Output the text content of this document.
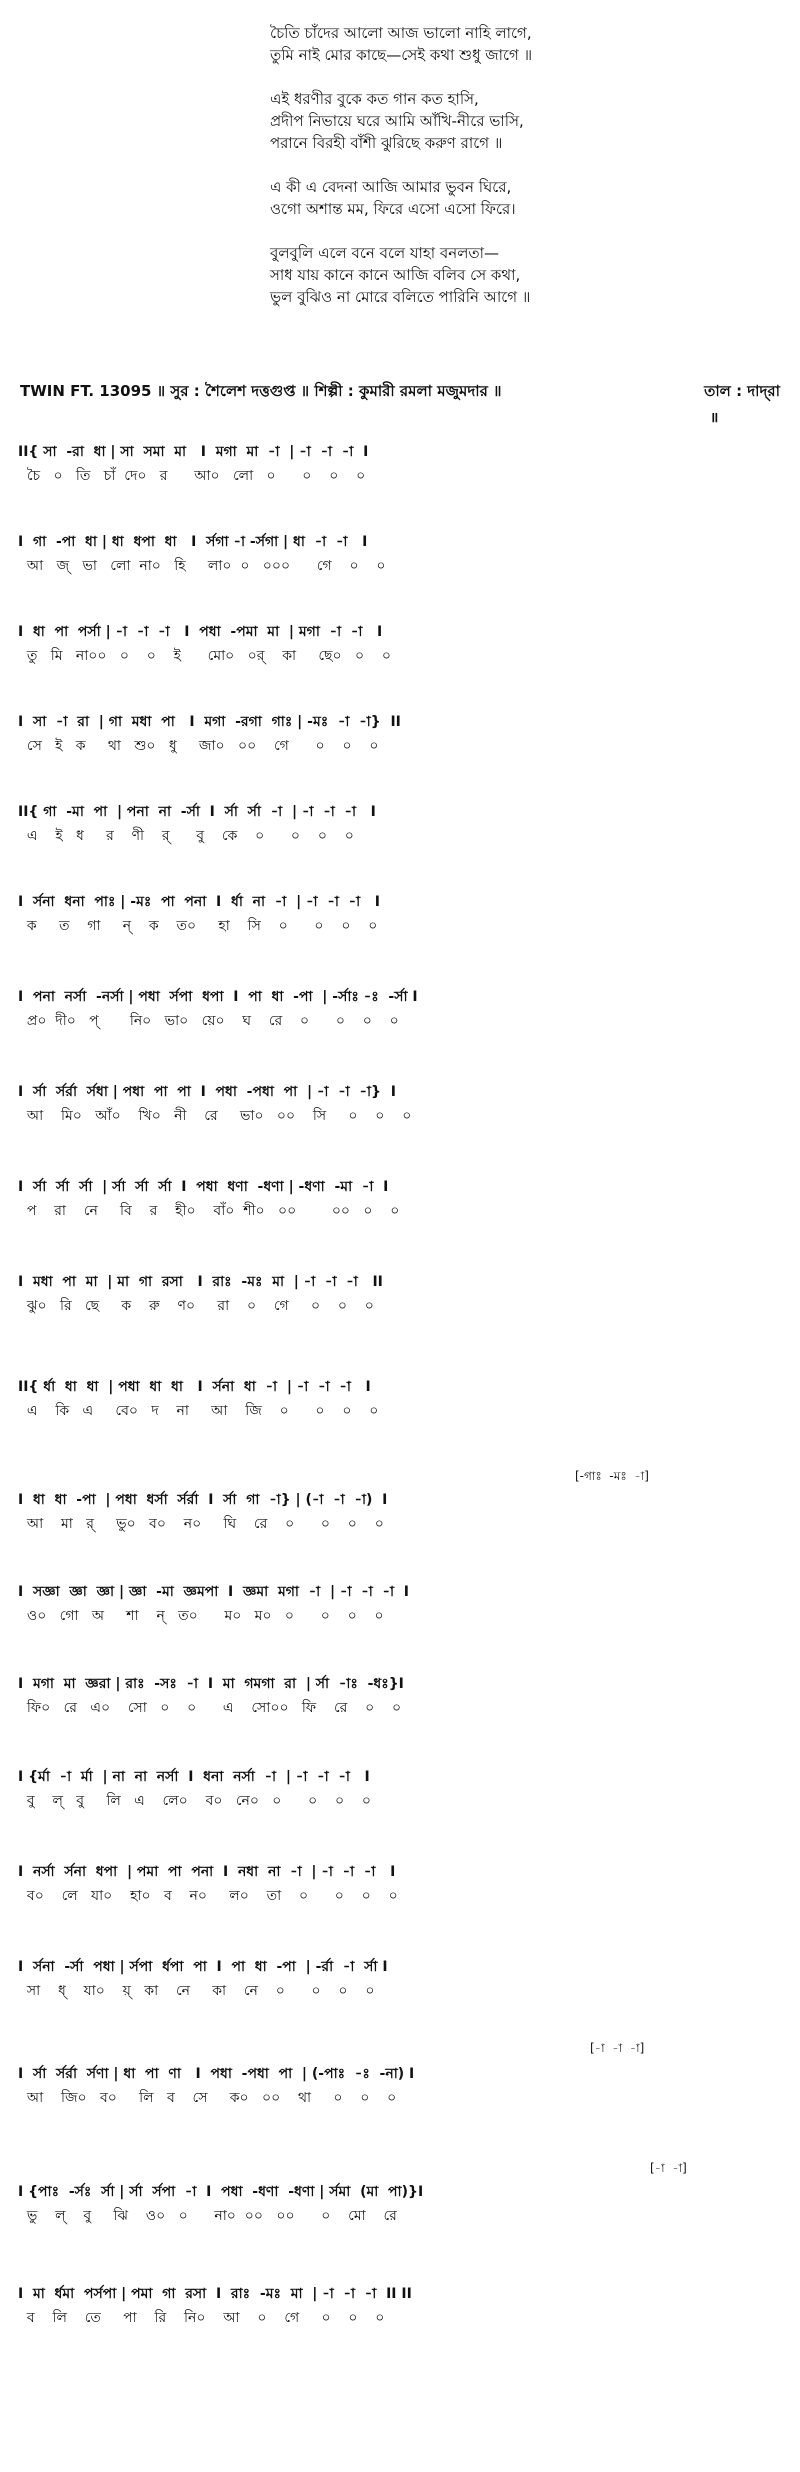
চৈতি চাঁদের আলো আজ ভালো নাহি লাগে,
তুমি নাই মোর কাছে—সেই কথা শুধু জাগে ॥
এই ধরণীর বুকে কত গান কত হাসি,
প্রদীপ নিভায়ে ঘরে আমি আঁখি-নীরে ভাসি,
পরানে বিরহী বাঁশী ঝুরিছে করুণ রাগে ॥
এ কী এ বেদনা আজি আমার ভুবন ঘিরে,
ওগো অশান্ত মম, ফিরে এসো এসো ফিরে।
বুলবুলি এলে বনে বলে যাহা বনলতা—
সাধ যায় কানে কানে আজি বলিব সে কথা,
ভুল বুঝিও না মোরে বলিতে পারিনি আগে ॥
TWIN FT. 13095 ॥ সুর : শৈলেশ দত্তগুপ্ত ॥ শিল্পী : কুমারী রমলা মজুমদার ॥	তাল : দাদ্‌রা
॥
II{ সা  -রা  ধা | সা  সমা  মা   I  মগা  মা  -া  | -া  -া  -া  I
চৈ   ০   তি   চাঁ  দে০   র      আ০   লো   ০      ০    ০    ০
I  গা  -পা  ধা | ধা  ধপা  ধা   I  র্সগা -া -র্সগা | ধা  -া  -া   I
আ   জ্   ভা   লো  না০   হি     লা০  ০   ০০০      গে    ০    ০
I  ধা  পা  পর্সা | -া  -া  -া   I  পধা  -পমা  মা  | মগা  -া  -া   I
তু   মি   না০০   ০    ০    ই      মো০   ০র্    কা     ছে০   ০    ০
I  সা  -া  রা  | গা  মধা  পা   I  মগা  -রগা  গাঃ | -মঃ  -া  -া}  II
সে   ই   ক     থা   শু০   ধু     জা০   ০০    গে      ০    ০    ০
II{ গা  -মা  পা  | পনা  না  -র্সা  I  র্সা  র্সা  -া  | -া  -া  -া   I
এ    ই   ধ     র    ণী    র্      বু    কে    ০      ০    ০    ০
I  র্সনা  ধনা  পাঃ | -মঃ  পা  পনা  I  র্ধা  না  -া  | -া  -া  -া   I
ক     ত    গা     ন্    ক    ত০     হা    সি    ০      ০    ০    ০
I  পনা  নর্সা  -নর্সা | পধা  র্সপা  ধপা  I  পা  ধা  -পা  | -র্সাঃ -ঃ  -র্সা I
প্র০  দী০   প্       নি০   ভা০   য়ে০    ঘ    রে    ০      ০    ০    ০
I  র্সা  র্সর্রা  র্সধা | পধা  পা  পা  I  পধা  -পধা  পা  | -া  -া  -া}  I
আ    মি০   আঁ০    খি০   নী    রে     ভা০   ০০    সি     ০    ০    ০
I  র্সা  র্সা  র্সা  | র্সা  র্সা  র্সা  I  পধা  ধণা  -ধণা | -ধণা  -মা  -া  I
প    রা    নে     বি    র    হী০    বাঁ০  শী০   ০০        ০০   ০    ০
I  মধা  পা  মা  | মা  গা  রসা   I  রাঃ  -মঃ  মা  | -া  -া  -া   II
ঝু০   রি   ছে     ক    রু    ণ০     রা    ০    গে     ০    ০    ০
II{ র্ধা  ধা  ধা  | পধা  ধা  ধা   I  র্সনা  ধা  -া  | -া  -া  -া   I
এ    কি   এ     বে০   দ    না     আ    জি    ০      ০    ০    ০
[-গাঃ  -মঃ  -া]
I  ধা  ধা  -পা  | পধা  ধর্সা  র্সর্রা  I  র্সা  গা  -া} | (-া  -া  -া)  I
আ    মা   র্     ভু০   ব০    ন০     ঘি    রে    ০      ০    ০    ০
I  সজ্ঞা  জ্ঞা  জ্ঞা | জ্ঞা  -মা  জ্ঞমপা  I  জ্ঞমা  মগা  -া  | -া  -া  -া  I
ও০   গো   অ     শা    ন্   ত০      ম০   ম০   ০      ০    ০    ০
I  মগা  মা  জ্ঞরা | রাঃ  -সঃ  -া  I  মা  গমগা  রা  | র্সা  -াঃ  -ধঃ}I
ফি০   রে   এ০    সো   ০    ০      এ    সো০০   ফি    রে    ০    ০
I {র্মা  -া  র্মা  | না  না  নর্সা  I  ধনা  নর্সা  -া  | -া  -া  -া   I
বু    ল্   বু     লি   এ    লে০    ব০   নে০   ০      ০    ০    ০
I  নর্সা  র্সনা  ধপা  | পমা  পা  পনা  I  নধা  না  -া  | -া  -া  -া   I
ব০    লে   যা০    হা০   ব    ন০     ল০    তা    ০      ০    ০    ০
I  র্সনা  -র্সা  পধা | র্সপা  র্ধপা  পা  I  পা  ধা  -পা  | -র্রা  -া  র্সা I
সা    ধ্    যা০    য়্   কা    নে     কা    নে    ০      ০    ০    ০
[-া  -া  -া]
I  র্সা  র্সর্রা  র্সণা | ধা  পা  ণা   I  পধা  -পধা  পা  | (-পাঃ  -ঃ  -না) I
আ    জি০   ব০     লি   ব    সে     ক০   ০০    থা     ০    ০    ০
[-া  -া]
I {পাঃ  -র্সঃ  র্সা | র্সা  র্সপা  -া  I  পধা  -ধণা  -ধণা | র্সমা  (মা  পা)}I
ভু    ল্    বু     ঝি    ও০   ০      না০  ০০   ০০      ০    মো    রে
I  মা  র্ধমা  পর্সপা | পমা  গা  রসা  I  রাঃ  -মঃ  মা  | -া  -া  -া  II II
ব    লি    তে     পা    রি    নি০    আ    ০    গে     ০    ০    ০
